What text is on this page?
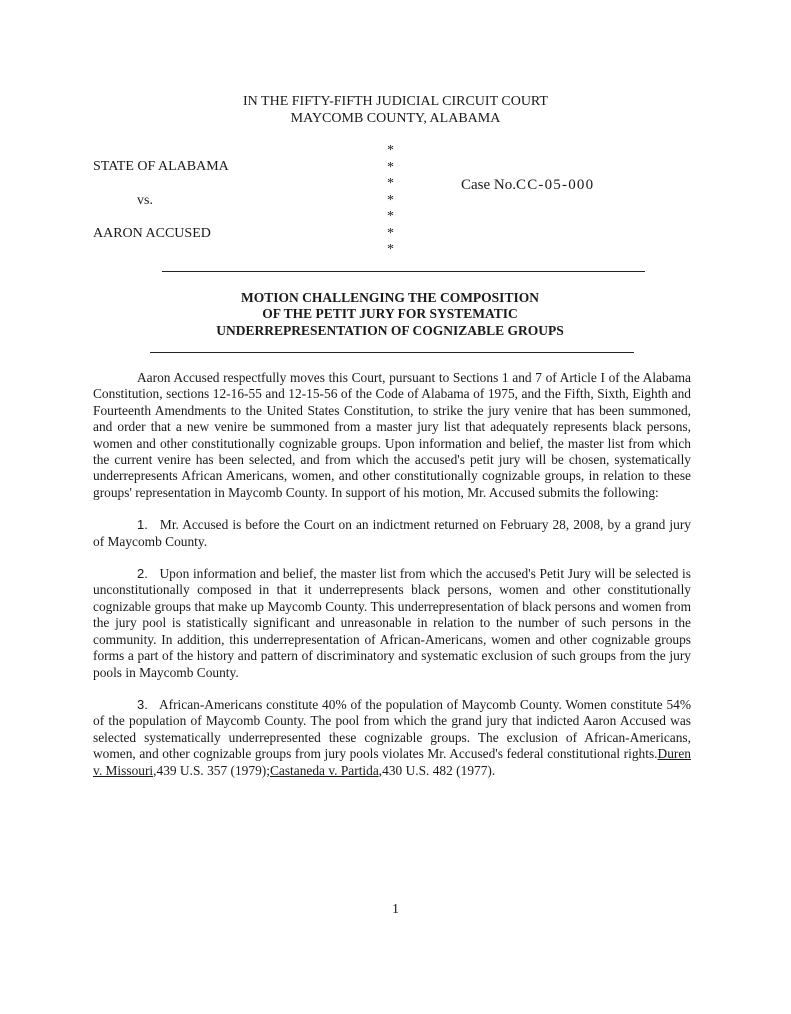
IN THE FIFTY-FIFTH JUDICIAL CIRCUIT COURT
MAYCOMB COUNTY, ALABAMA
STATE OF ALABAMA
vs.
AARON ACCUSED
*
*
*
*
*
*
*
Case No.CC-05-000
MOTION CHALLENGING THE COMPOSITION
OF THE PETIT JURY FOR SYSTEMATIC
UNDERREPRESENTATION OF COGNIZABLE GROUPS

Aaron Accused respectfully moves this Court, pursuant to Sections 1 and 7 of Article I of the Alabama Constitution, sections 12-16-55 and 12-15-56 of the Code of Alabama of 1975, and the Fifth, Sixth, Eighth and Fourteenth Amendments to the United States Constitution, to strike the jury venire that has been summoned, and order that a new venire be summoned from a master jury list that adequately represents black persons, women and other constitutionally cognizable groups. Upon information and belief, the master list from which the current venire has been selected, and from which the accused's petit jury will be chosen, systematically underrepresents African Americans, women, and other constitutionally cognizable groups, in relation to these groups' representation in Maycomb County. In support of his motion, Mr. Accused submits the following:

1. Mr. Accused is before the Court on an indictment returned on February 28, 2008, by a grand jury of Maycomb County.

2. Upon information and belief, the master list from which the accused's Petit Jury will be selected is unconstitutionally composed in that it underrepresents black persons, women and other constitutionally cognizable groups that make up Maycomb County. This underrepresentation of black persons and women from the jury pool is statistically significant and unreasonable in relation to the number of such persons in the community. In addition, this underrepresentation of African-Americans, women and other cognizable groups forms a part of the history and pattern of discriminatory and systematic exclusion of such groups from the jury pools in Maycomb County.

3. African-Americans constitute 40% of the population of Maycomb County. Women constitute 54% of the population of Maycomb County. The pool from which the grand jury that indicted Aaron Accused was selected systematically underrepresented these cognizable groups. The exclusion of African-Americans, women, and other cognizable groups from jury pools violates Mr. Accused's federal constitutional rights.Duren v. Missouri,439 U.S. 357 (1979);Castaneda v. Partida,430 U.S. 482 (1977).

1
